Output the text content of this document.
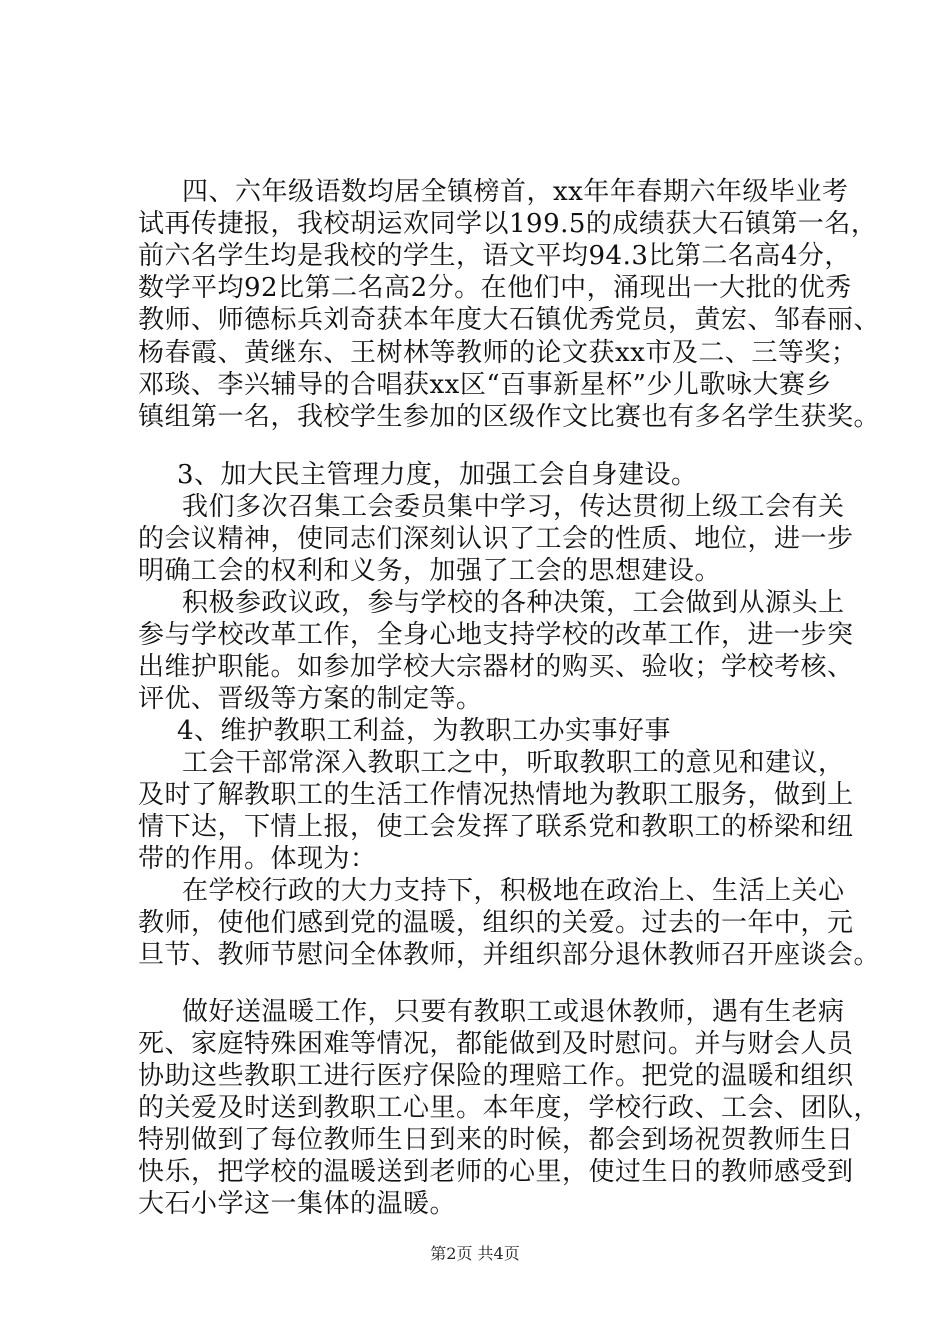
四、六年级语数均居全镇榜首，xx年年春期六年级毕业考
试再传捷报，我校胡运欢同学以199.5的成绩获大石镇第一名，
前六名学生均是我校的学生，语文平均94.3比第二名高4分，
数学平均92比第二名高2分。在他们中，涌现出一大批的优秀
教师、师德标兵刘奇获本年度大石镇优秀党员，黄宏、邹春丽、
杨春霞、黄继东、王树林等教师的论文获xx市及二、三等奖；
邓琰、李兴辅导的合唱获xx区“百事新星杯”少儿歌咏大赛乡
镇组第一名，我校学生参加的区级作文比赛也有多名学生获奖。
3、加大民主管理力度，加强工会自身建设。
我们多次召集工会委员集中学习，传达贯彻上级工会有关
的会议精神，使同志们深刻认识了工会的性质、地位，进一步
明确工会的权利和义务，加强了工会的思想建设。
积极参政议政，参与学校的各种决策，工会做到从源头上
参与学校改革工作，全身心地支持学校的改革工作，进一步突
出维护职能。如参加学校大宗器材的购买、验收；学校考核、
评优、晋级等方案的制定等。
4、维护教职工利益，为教职工办实事好事
工会干部常深入教职工之中，听取教职工的意见和建议，
及时了解教职工的生活工作情况热情地为教职工服务，做到上
情下达，下情上报，使工会发挥了联系党和教职工的桥梁和纽
带的作用。体现为：
在学校行政的大力支持下，积极地在政治上、生活上关心
教师，使他们感到党的温暖，组织的关爱。过去的一年中，元
旦节、教师节慰问全体教师，并组织部分退休教师召开座谈会。
做好送温暖工作，只要有教职工或退休教师，遇有生老病
死、家庭特殊困难等情况，都能做到及时慰问。并与财会人员
协助这些教职工进行医疗保险的理赔工作。把党的温暖和组织
的关爱及时送到教职工心里。本年度，学校行政、工会、团队，
特别做到了每位教师生日到来的时候，都会到场祝贺教师生日
快乐，把学校的温暖送到老师的心里，使过生日的教师感受到
大石小学这一集体的温暖。
第2页 共4页
